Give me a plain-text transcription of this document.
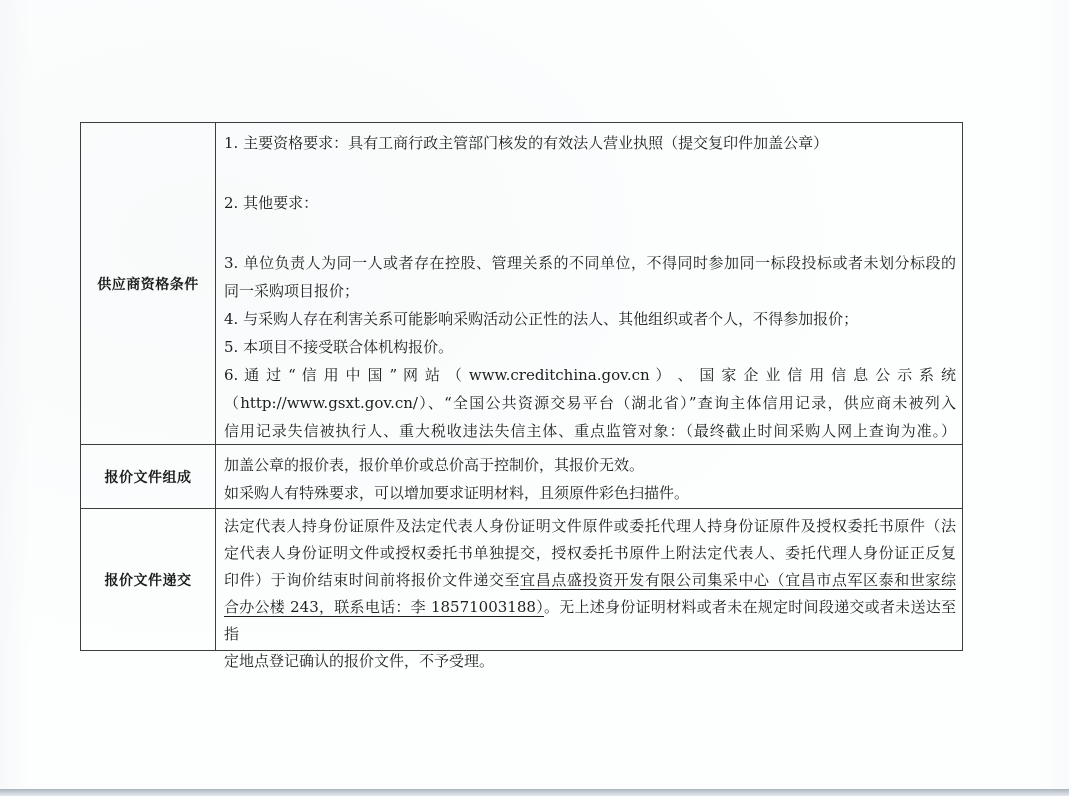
供应商资格条件
1. 主要资格要求：具有工商行政主管部门核发的有效法人营业执照（提交复印件加盖公章）
2. 其他要求：
3. 单位负责人为同一人或者存在控股、管理关系的不同单位，不得同时参加同一标段投标或者未划分标段的
同一采购项目报价；
4. 与采购人存在利害关系可能影响采购活动公正性的法人、其他组织或者个人，不得参加报价；
5. 本项目不接受联合体机构报价。
6. 通 过 “ 信 用 中 国 ” 网 站 （ www.creditchina.gov.cn ） 、 国 家 企 业 信 用 信 息 公 示 系 统
（http://www.gsxt.gov.cn/）、“全国公共资源交易平台（湖北省）”查询主体信用记录，供应商未被列入
信用记录失信被执行人、重大税收违法失信主体、重点监管对象：（最终截止时间采购人网上查询为准。）
报价文件组成
加盖公章的报价表，报价单价或总价高于控制价，其报价无效。
如采购人有特殊要求，可以增加要求证明材料，且须原件彩色扫描件。
报价文件递交
法定代表人持身份证原件及法定代表人身份证明文件原件或委托代理人持身份证原件及授权委托书原件（法
定代表人身份证明文件或授权委托书单独提交，授权委托书原件上附法定代表人、委托代理人身份证正反复
印件）于询价结束时间前将报价文件递交至宜昌点盛投资开发有限公司集采中心（宜昌市点军区泰和世家综
合办公楼 243，联系电话：李 18571003188）。无上述身份证明材料或者未在规定时间段递交或者未送达至指
定地点登记确认的报价文件，不予受理。
